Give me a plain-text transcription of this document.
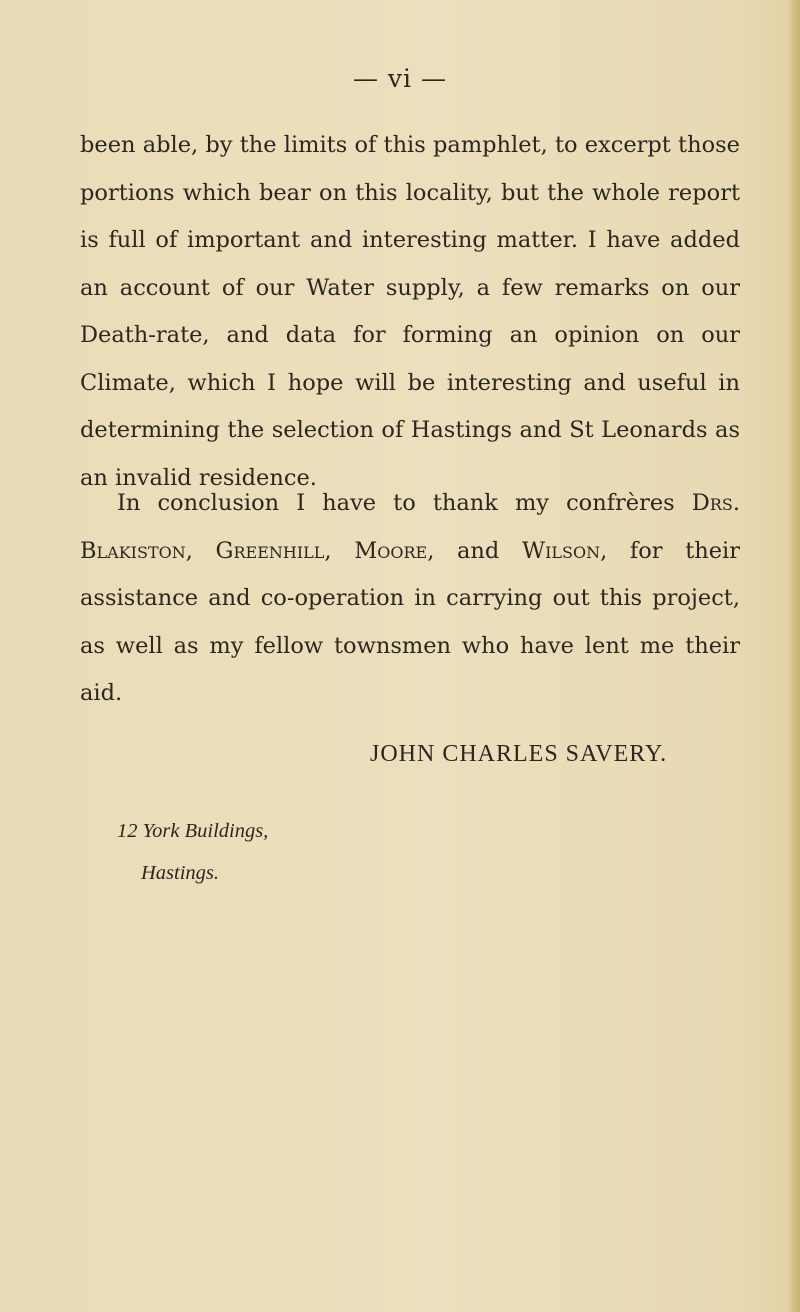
— vi —

been able, by the limits of this pamphlet, to excerpt those portions which bear on this locality, but the whole report is full of important and interesting matter. I have added an account of our Water supply, a few remarks on our Death-rate, and data for forming an opinion on our Climate, which I hope will be interesting and useful in determining the selection of Hastings and St Leonards as an invalid residence.

In conclusion I have to thank my confrères Drs. Blakiston, Greenhill, Moore, and Wilson, for their assistance and co-operation in carrying out this project, as well as my fellow townsmen who have lent me their aid.

JOHN CHARLES SAVERY.
12 York Buildings,
Hastings.
